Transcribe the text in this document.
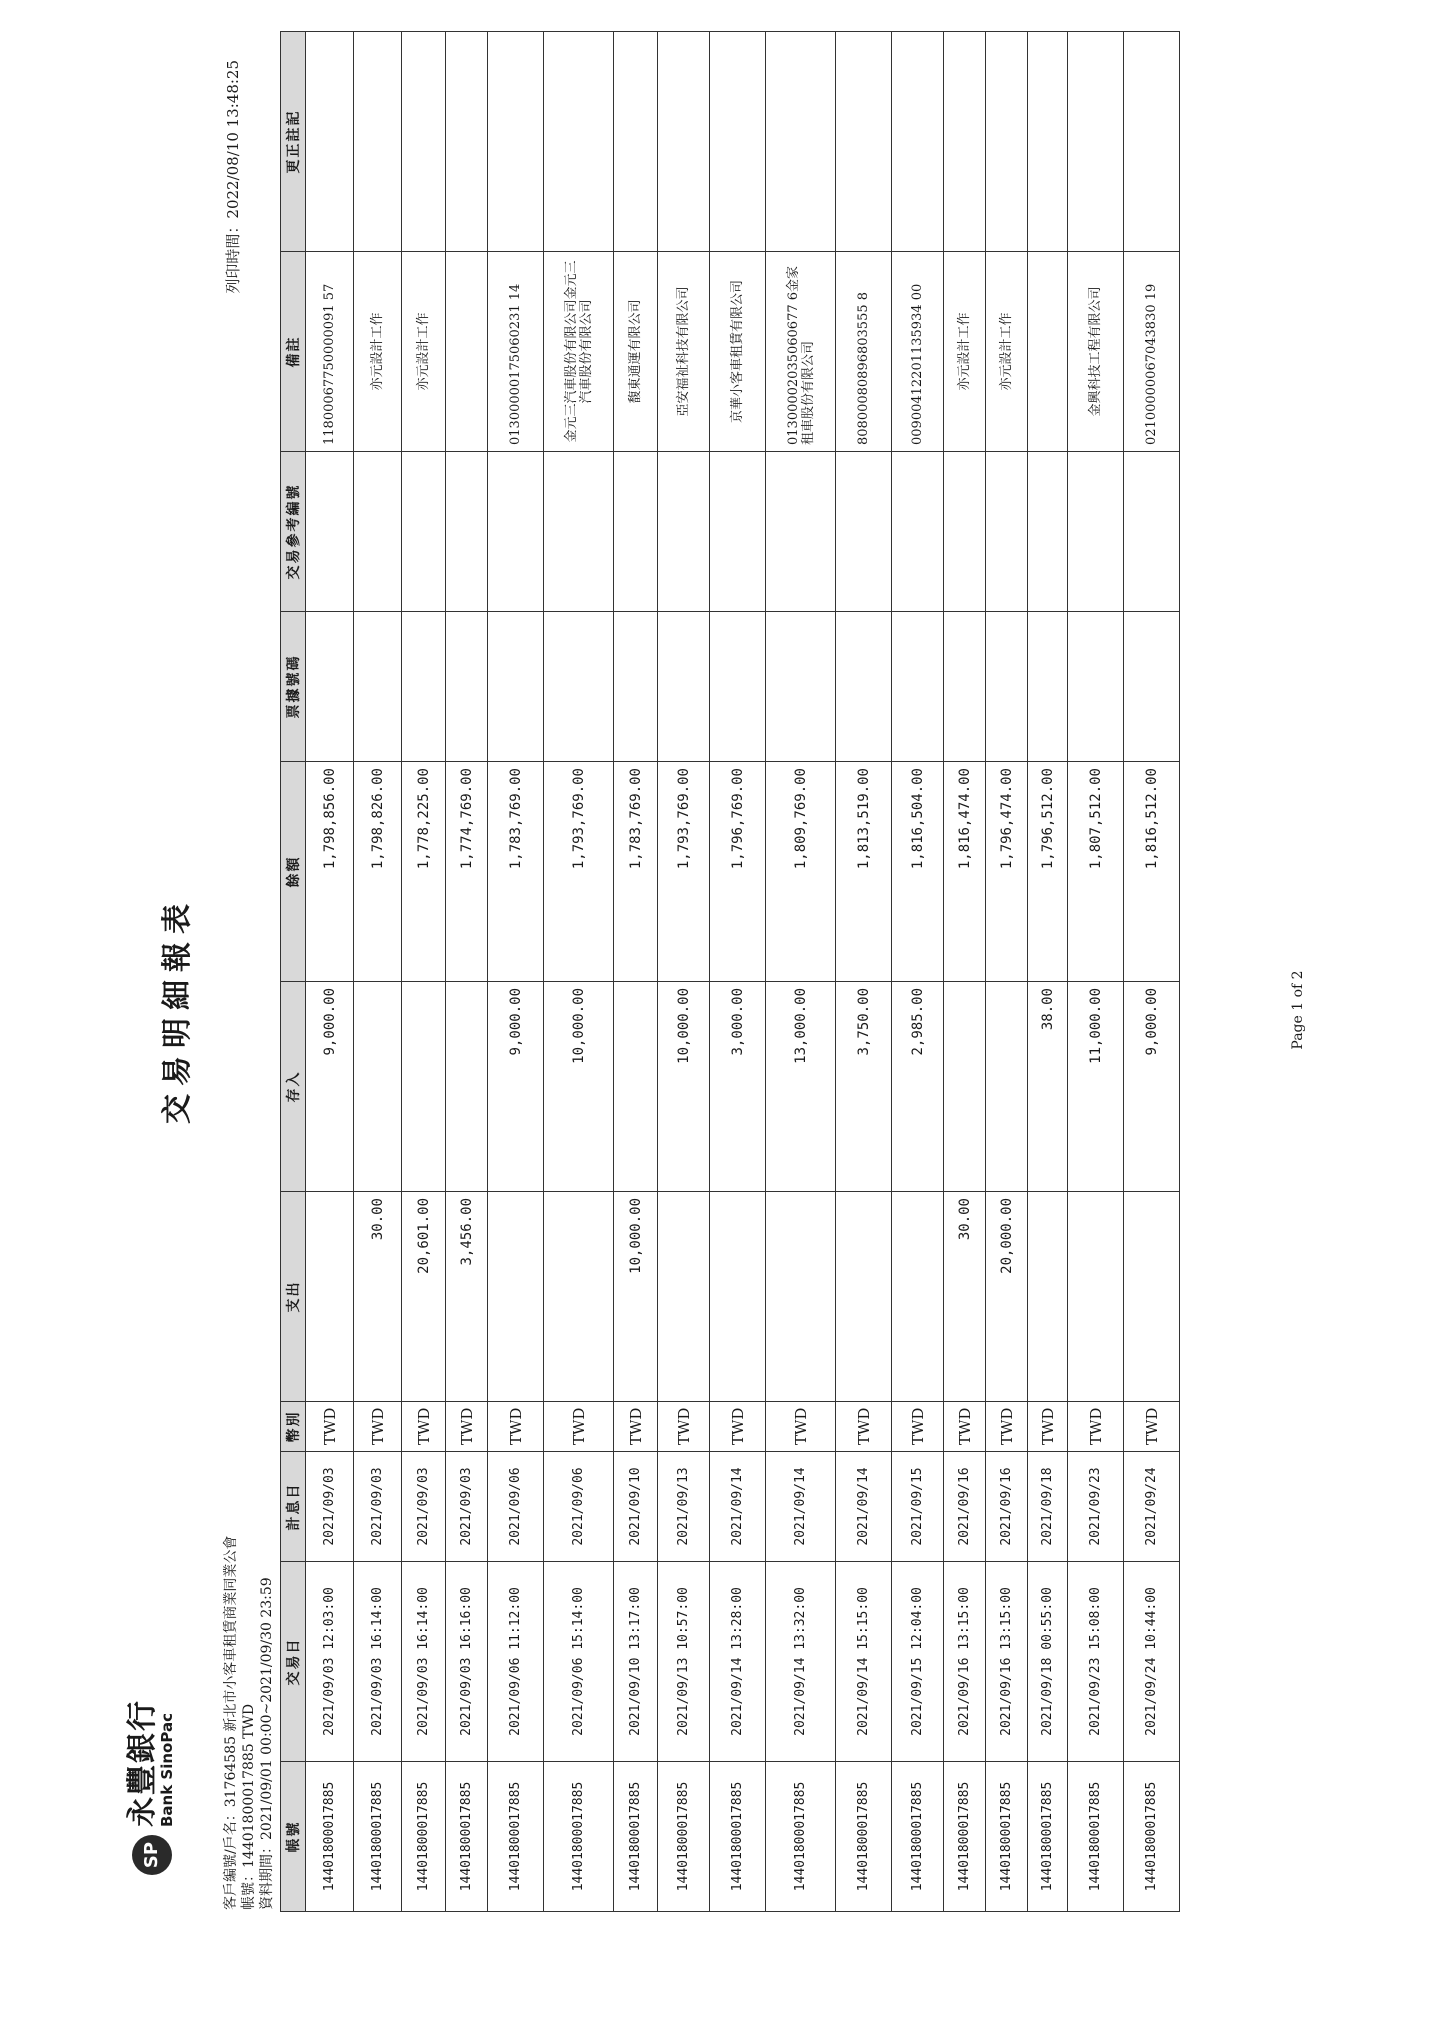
SP
永豐銀行
Bank SinoPac
交易明細報表
列印時間：2022/08/10 13:48:25
客戶編號/戶名：31764585 新北市小客車租賃商業同業公會 帳號：14401800017885 TWD 資料期間：2021/09/01 00:00~2021/09/30 23:59 帳號	交易日	計息日	幣別	支出	存入	餘額	票據號碼	交易參考編號	備註	更正註記
14401800017885	2021/09/03 12:03:00	2021/09/03	TWD		9,000.00	1,798,856.00			11800067750000091 57	
14401800017885	2021/09/03 16:14:00	2021/09/03	TWD	30.00		1,798,826.00			亦元設計工作	
14401800017885	2021/09/03 16:14:00	2021/09/03	TWD	20,601.00		1,778,225.00			亦元設計工作	
14401800017885	2021/09/03 16:16:00	2021/09/03	TWD	3,456.00		1,774,769.00				
14401800017885	2021/09/06 11:12:00	2021/09/06	TWD		9,000.00	1,783,769.00			01300000175060231 14	
14401800017885	2021/09/06 15:14:00	2021/09/06	TWD		10,000.00	1,793,769.00			金元三汽車股份有限公司金元三汽車股份有限公司	
14401800017885	2021/09/10 13:17:00	2021/09/10	TWD	10,000.00		1,783,769.00			馥東通運有限公司	
14401800017885	2021/09/13 10:57:00	2021/09/13	TWD		10,000.00	1,793,769.00			亞安福祉科技有限公司	
14401800017885	2021/09/14 13:28:00	2021/09/14	TWD		3,000.00	1,796,769.00			京華小客車租賃有限公司	
14401800017885	2021/09/14 13:32:00	2021/09/14	TWD		13,000.00	1,809,769.00			01300002035060677 6金家租車股份有限公司	
14401800017885	2021/09/14 15:15:00	2021/09/14	TWD		3,750.00	1,813,519.00			80800080896803555 8	
14401800017885	2021/09/15 12:04:00	2021/09/15	TWD		2,985.00	1,816,504.00			00900412201135934 00	
14401800017885	2021/09/16 13:15:00	2021/09/16	TWD	30.00		1,816,474.00			亦元設計工作	
14401800017885	2021/09/16 13:15:00	2021/09/16	TWD	20,000.00		1,796,474.00			亦元設計工作	
14401800017885	2021/09/18 00:55:00	2021/09/18	TWD		38.00	1,796,512.00				
14401800017885	2021/09/23 15:08:00	2021/09/23	TWD		11,000.00	1,807,512.00			金興科技工程有限公司	
14401800017885	2021/09/24 10:44:00	2021/09/24	TWD		9,000.00	1,816,512.00			02100000067043830 19	
Page 1 of 2
